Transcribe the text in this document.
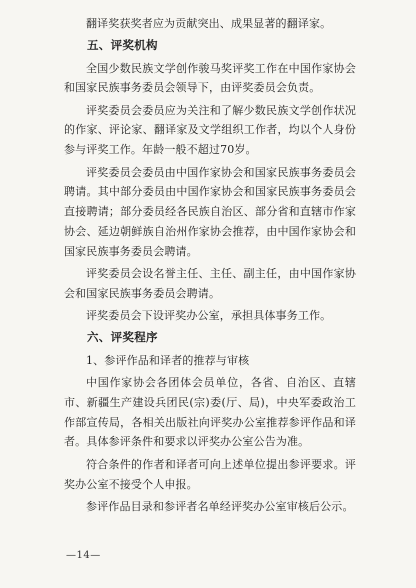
翻译奖获奖者应为贡献突出、成果显著的翻译家。

五、评奖机构

全国少数民族文学创作骏马奖评奖工作在中国作家协会和国家民族事务委员会领导下，由评奖委员会负责。

评奖委员会委员应为关注和了解少数民族文学创作状况的作家、评论家、翻译家及文学组织工作者，均以个人身份参与评奖工作。年龄一般不超过70岁。

评奖委员会委员由中国作家协会和国家民族事务委员会聘请。其中部分委员由中国作家协会和国家民族事务委员会直接聘请；部分委员经各民族自治区、部分省和直辖市作家协会、延边朝鲜族自治州作家协会推荐，由中国作家协会和国家民族事务委员会聘请。

评奖委员会设名誉主任、主任、副主任，由中国作家协会和国家民族事务委员会聘请。

评奖委员会下设评奖办公室，承担具体事务工作。

六、评奖程序

1、参评作品和译者的推荐与审核

中国作家协会各团体会员单位，各省、自治区、直辖市、新疆生产建设兵团民(宗)委(厅、局)，中央军委政治工作部宣传局，各相关出版社向评奖办公室推荐参评作品和译者。具体参评条件和要求以评奖办公室公告为准。

符合条件的作者和译者可向上述单位提出参评要求。评奖办公室不接受个人申报。

参评作品目录和参评者名单经评奖办公室审核后公示。

—14—
